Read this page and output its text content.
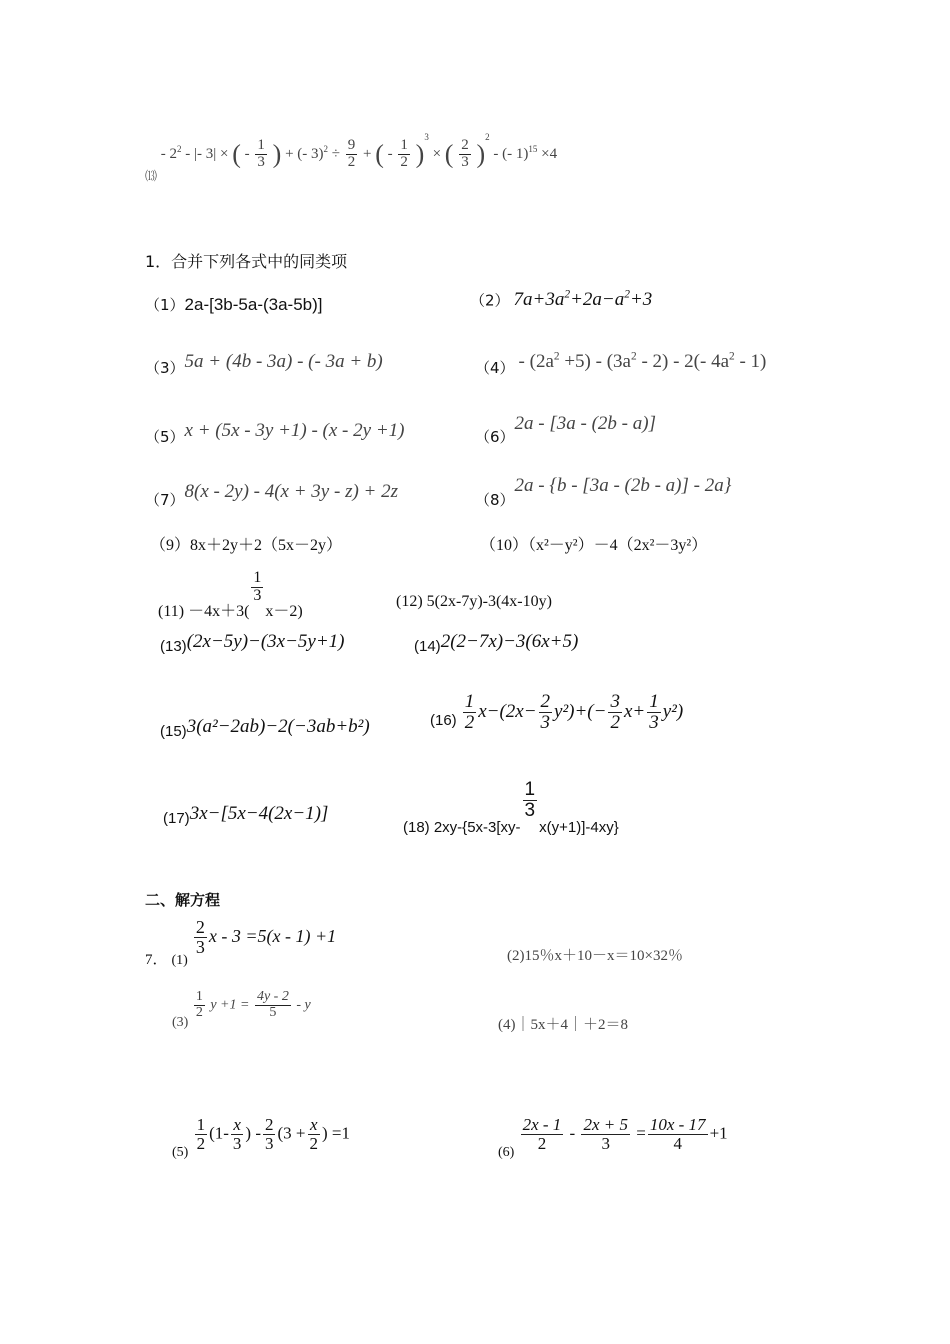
$_⒀ - 2^2$ - |- 3| × ( - $\frac{1}{3}$ ) + (- $3)^2 \div \frac{9}{2}$ + ( - $\frac{1}{2} )^3$ × ( $\frac{2}{3} )^2$ - (- 1)$^{15}$ ×4
1．合并下列各式中的同类项
（1）2a-[3b-5a-(3a-5b)]	（2） $7a+3a^2+2a-a^2+3$
（3）5a + (4b - 3a) - (- 3a + b)	$(4) - (2a^2 +5) - (3a^2 - 2) - 2(-$ $4a^2 - 1$)
（5）x + (5x - 3y +1) - (x - 2y +1)	（6）2a - [3a - (2b - a)]
（7）8(x - 2y) - 4(x + 3y - z) + 2z	（8）2a - {b - [3a - (2b - a)] - 2a}
（9）8x＋2y＋2（5x－2y）	（10）（x²－y²）－4（2x²－3y²）
(11) －4x＋3(
$\frac{1}{3}$
x－2)
(12) 5(2x-7y)-3(4x-10y)
(13)(2x−5y)−(3x−5y+1)	(14)2(2−7x)−3(6x+5)
(15)3(a²−2ab)−2(−3ab+b²)	$(16) \frac{1}{2} x-(2x- \frac{2}{3} y^2)+(- \frac{3}{2} x+ \frac{1}{3} y^2)$
(17)3x−[5x−4(2x−1)]
(18) 2xy-{5x-3[xy-
$\frac{1}{3}$
x(y+1)]-4xy}
二、解方程
7． (1)
$\frac{2}{3}$ x - 3 =5(x - 1) +1
(2)15％x＋10－x＝10×32％
(3)
$\frac{1}{2}$ $y +1 = \frac{4y - 2}{5} - y$
(4)｜5x＋4｜＋2＝8
$_{(5)}$
$\frac{1}{2} (1- \frac{x}{3}$ ) - $\frac{2}{3} (3 + \frac{x}{2}$ ) =1
$_{(6)}$
$\frac{2x - 1}{2} - \frac{2x + 5}{3} = \frac{10x - 17}{4} +1$
